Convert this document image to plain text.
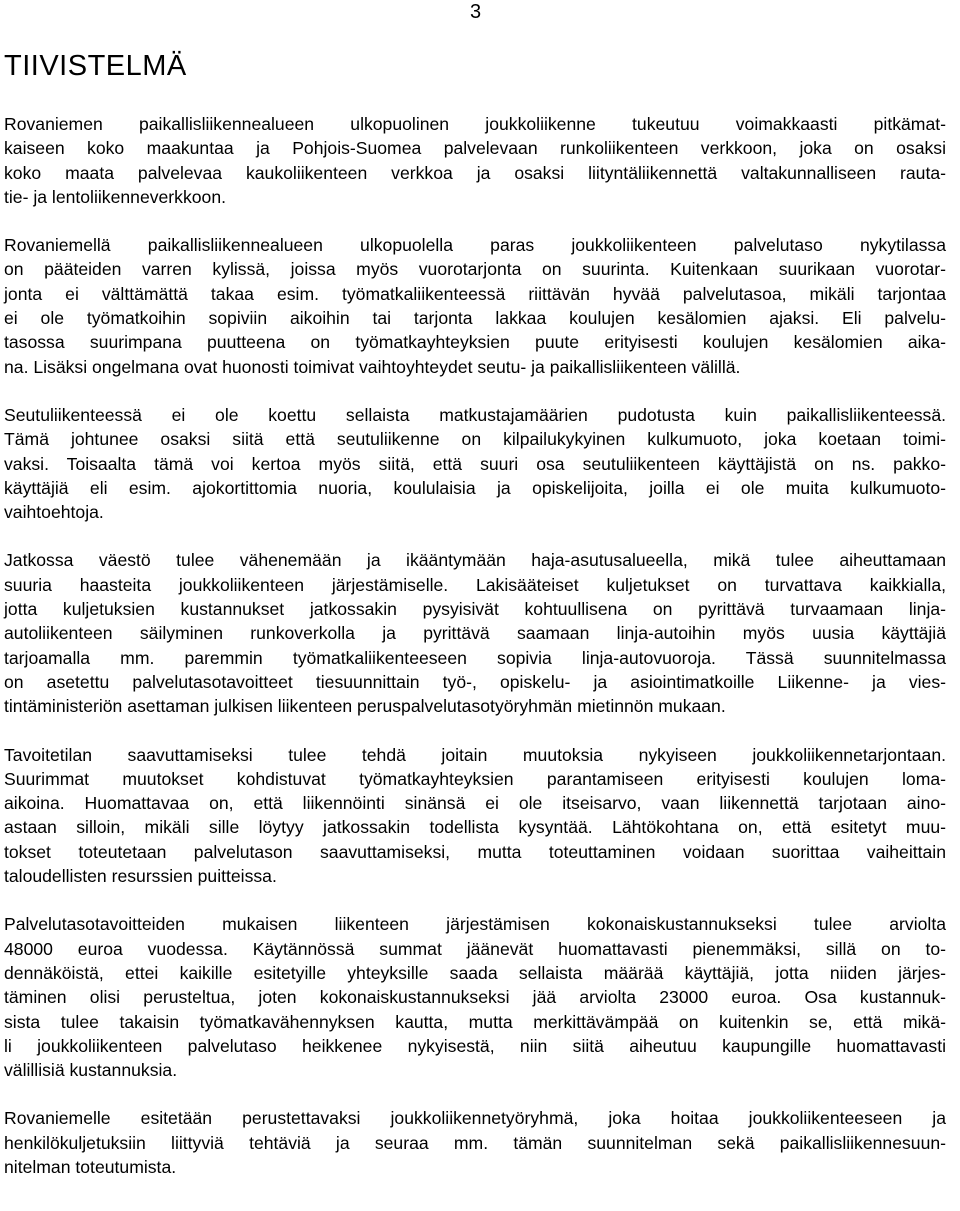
3
TIIVISTELMÄ

Rovaniemen paikallisliikennealueen ulkopuolinen joukkoliikenne tukeutuu voimakkaasti pitkämat-
kaiseen koko maakuntaa ja Pohjois-Suomea palvelevaan runkoliikenteen verkkoon, joka on osaksi
koko maata palvelevaa kaukoliikenteen verkkoa ja osaksi liityntäliikennettä valtakunnalliseen rauta-
tie- ja lentoliikenneverkkoon.

Rovaniemellä paikallisliikennealueen ulkopuolella paras joukkoliikenteen palvelutaso nykytilassa
on pääteiden varren kylissä, joissa myös vuorotarjonta on suurinta. Kuitenkaan suurikaan vuorotar-
jonta ei välttämättä takaa esim. työmatkaliikenteessä riittävän hyvää palvelutasoa, mikäli tarjontaa
ei ole työmatkoihin sopiviin aikoihin tai tarjonta lakkaa koulujen kesälomien ajaksi. Eli palvelu-
tasossa suurimpana puutteena on työmatkayhteyksien puute erityisesti koulujen kesälomien aika-
na. Lisäksi ongelmana ovat huonosti toimivat vaihtoyhteydet seutu- ja paikallisliikenteen välillä.

Seutuliikenteessä ei ole koettu sellaista matkustajamäärien pudotusta kuin paikallisliikenteessä.
Tämä johtunee osaksi siitä että seutuliikenne on kilpailukykyinen kulkumuoto, joka koetaan toimi-
vaksi. Toisaalta tämä voi kertoa myös siitä, että suuri osa seutuliikenteen käyttäjistä on ns. pakko-
käyttäjiä eli esim. ajokortittomia nuoria, koululaisia ja opiskelijoita, joilla ei ole muita kulkumuoto-
vaihtoehtoja.

Jatkossa väestö tulee vähenemään ja ikääntymään haja-asutusalueella, mikä tulee aiheuttamaan
suuria haasteita joukkoliikenteen järjestämiselle. Lakisääteiset kuljetukset on turvattava kaikkialla,
jotta kuljetuksien kustannukset jatkossakin pysyisivät kohtuullisena on pyrittävä turvaamaan linja-
autoliikenteen säilyminen runkoverkolla ja pyrittävä saamaan linja-autoihin myös uusia käyttäjiä
tarjoamalla mm. paremmin työmatkaliikenteeseen sopivia linja-autovuoroja. Tässä suunnitelmassa
on asetettu palvelutasotavoitteet tiesuunnittain työ-, opiskelu- ja asiointimatkoille Liikenne- ja vies-
tintäministeriön asettaman julkisen liikenteen peruspalvelutasotyöryhmän mietinnön mukaan.

Tavoitetilan saavuttamiseksi tulee tehdä joitain muutoksia nykyiseen joukkoliikennetarjontaan.
Suurimmat muutokset kohdistuvat työmatkayhteyksien parantamiseen erityisesti koulujen loma-
aikoina. Huomattavaa on, että liikennöinti sinänsä ei ole itseisarvo, vaan liikennettä tarjotaan aino-
astaan silloin, mikäli sille löytyy jatkossakin todellista kysyntää. Lähtökohtana on, että esitetyt muu-
tokset toteutetaan palvelutason saavuttamiseksi, mutta toteuttaminen voidaan suorittaa vaiheittain
taloudellisten resurssien puitteissa.

Palvelutasotavoitteiden mukaisen liikenteen järjestämisen kokonaiskustannukseksi tulee arviolta
48000 euroa vuodessa. Käytännössä summat jäänevät huomattavasti pienemmäksi, sillä on to-
dennäköistä, ettei kaikille esitetyille yhteyksille saada sellaista määrää käyttäjiä, jotta niiden järjes-
täminen olisi perusteltua, joten kokonaiskustannukseksi jää arviolta 23000 euroa. Osa kustannuk-
sista tulee takaisin työmatkavähennyksen kautta, mutta merkittävämpää on kuitenkin se, että mikä-
li joukkoliikenteen palvelutaso heikkenee nykyisestä, niin siitä aiheutuu kaupungille huomattavasti
välillisiä kustannuksia.

Rovaniemelle esitetään perustettavaksi joukkoliikennetyöryhmä, joka hoitaa joukkoliikenteeseen ja
henkilökuljetuksiin liittyviä tehtäviä ja seuraa mm. tämän suunnitelman sekä paikallisliikennesuun-
nitelman toteutumista.
